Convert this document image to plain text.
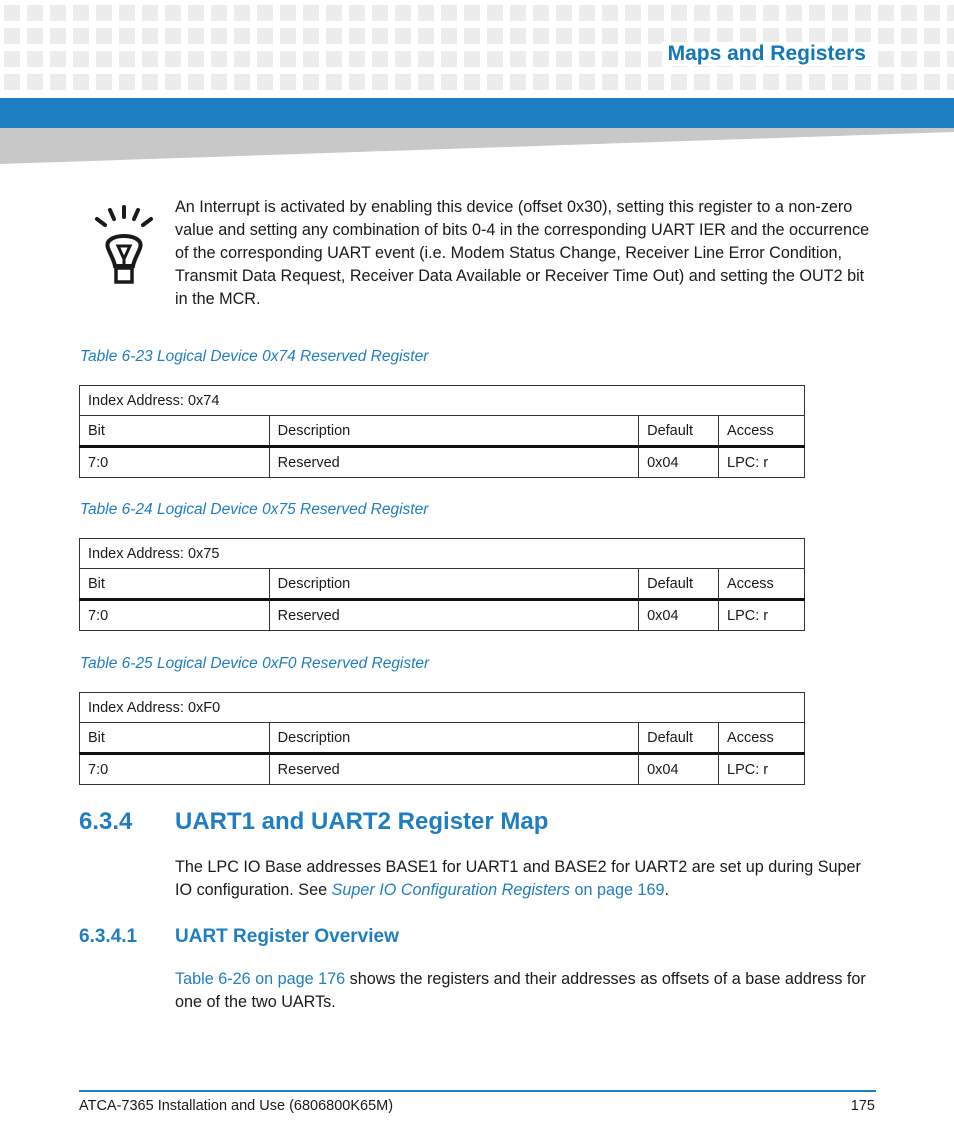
Maps and Registers
An Interrupt is activated by enabling this device (offset 0x30), setting this register to a non-zero value and setting any combination of bits 0-4 in the corresponding UART IER and the occurrence of the corresponding UART event (i.e. Modem Status Change, Receiver Line Error Condition, Transmit Data Request, Receiver Data Available or Receiver Time Out) and setting the OUT2 bit in the MCR.
Table 6-23 Logical Device 0x74 Reserved Register
Index Address: 0x74			
Bit	Description	Default	Access
7:0	Reserved	0x04	LPC: r
Table 6-24 Logical Device 0x75 Reserved Register
Index Address: 0x75			
Bit	Description	Default	Access
7:0	Reserved	0x04	LPC: r
Table 6-25 Logical Device 0xF0 Reserved Register
Index Address: 0xF0			
Bit	Description	Default	Access
7:0	Reserved	0x04	LPC: r
6.3.4 UART1 and UART2 Register Map
The LPC IO Base addresses BASE1 for UART1 and BASE2 for UART2 are set up during Super IO configuration. See Super IO Configuration Registers on page 169.
6.3.4.1 UART Register Overview
Table 6-26 on page 176 shows the registers and their addresses as offsets of a base address for one of the two UARTs.
ATCA-7365 Installation and Use (6806800K65M)	175
